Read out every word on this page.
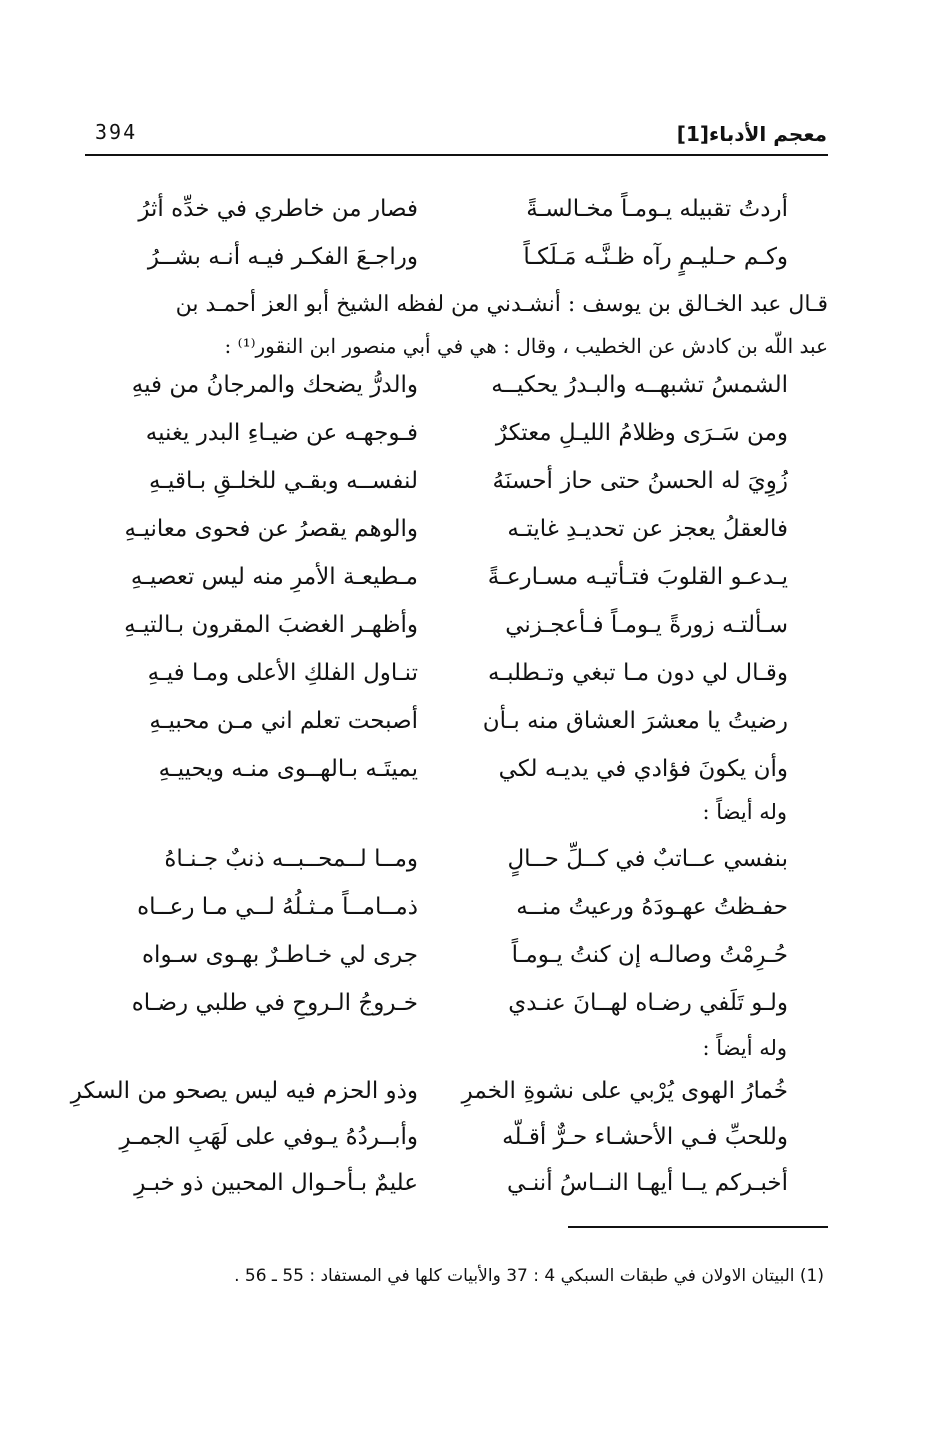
معجم الأدباء[1]
394
أردتُ تقبيله يـومـاً مخـالسـةً
فصار من خاطري في خدِّه أثرُ
وكـم حـليـمٍ رآه ظـنَّـه مَـلَكـاً
وراجـعَ الفكـر فيـه أنـه بشــرُ
قـال عبد الخـالق بن يوسف : أنشـدني من لفظه الشيخ أبو العز أحمـد بن
عبد اللّه بن كادش عن الخطيب ، وقال : هي في أبي منصور ابن النقور⁽¹⁾ :
الشمسُ تشبهــه والبـدرُ يحكيــه
والدرُّ يضحك والمرجانُ من فيهِ
ومن سَـرَى وظلامُ الليـلِ معتكرٌ
فـوجهـه عن ضيـاءِ البدر يغنيه
زُوِيَ له الحسنُ حتى حاز أحسنَهُ
لنفســه وبقـي للخلـقِ بـاقيـهِ
فالعقلُ يعجز عن تحديـدِ غايتـه
والوهم يقصرُ عن فحوى معانيـهِ
يـدعـو القلوبَ فتـأتيـه مسـارعـةً
مـطيعـة الأمرِ منه ليس تعصيـهِ
سـألتـه زورةً يـومـاً فـأعجـزني
وأظهـر الغضبَ المقرون بـالتيـهِ
وقـال لي دون مـا تبغي وتـطلبـه
تنـاول الفلكِ الأعلى ومـا فيـهِ
رضيتُ يا معشرَ العشاق منه بـأن
أصبحت تعلم اني مـن محبيـهِ
وأن يكونَ فؤادي في يديـه لكي
يميتَـه بـالهــوى منـه ويحييـهِ
وله أيضاً :
بنفسي عــاتبٌ في كــلِّ حــالٍ
ومــا لــمحــبــه ذنبٌ جـنـاهُ
حفـظتُ عهـودَهُ ورعيتُ منــه
ذمــامــاً مـثـلُهُ لــي مـا رعــاه
حُـرِمْتُ وصالـه إن كنتُ يـومـاً
جرى لي خـاطـرٌ بهـوى سـواه
ولـو تَلَفي رضـاه لهــانَ عنـدي
خـروجُ الـروحِ في طلبي رضـاه
وله أيضاً :
خُمارُ الهوى يُرْبي على نشوةِ الخمرِ
وذو الحزم فيه ليس يصحو من السكرِ
وللحبِّ فـي الأحشـاء حـرٌّ أقـلّه
وأبــردُهُ يـوفي على لَهَبِ الجمـرِ
أخبـركم يــا أيهـا النــاسُ أننـي
عليمٌ بـأحـوال المحبين ذو خبـرِ
(1) البيتان الاولان في طبقات السبكي 4 : 37 والأبيات كلها في المستفاد : 55 ـ 56 .
